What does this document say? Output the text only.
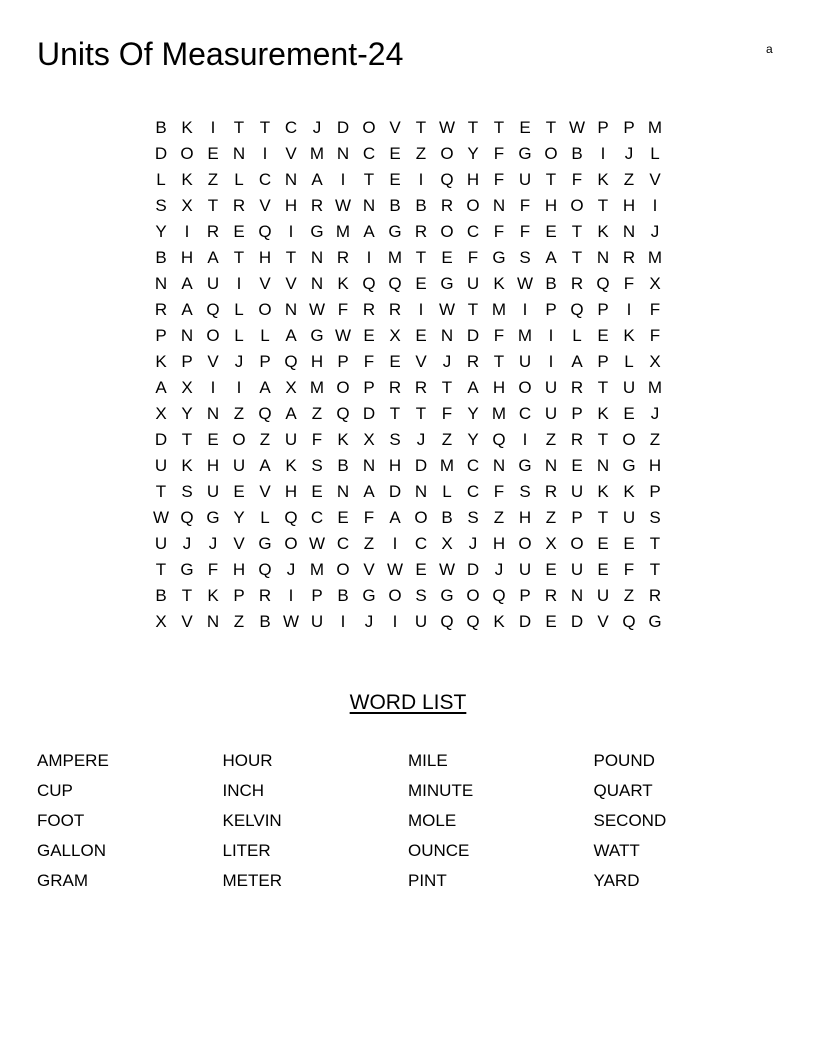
Units Of Measurement-24	a
B K	I	T T C J D O V T W T T E T W P P M
D O E N	I	V M N C E Z O Y F G O B	I	J	L
L K Z L C N A	I	T E	I	Q H F U T F K Z V
S X T R V H R W N B B R O N F H O T H	I
Y	I	R E Q	I	G M A G R O C F F E T K N J
B H A T H T N R	I M T E F G S A T N R M
N A U	I	V V N K Q Q E G U K W B R Q F X
R A Q L O N W F R R	I W T M I	P Q P	I	F
P N O L L A G W E X E N D F M I	L E K F
K P V J P Q H P F E V J R T U	I	A P L X
A X	I	I	A X M O P R R T A H O U R T U M
X Y N Z Q A Z Q D T T F Y M C U P K E J
D T E O Z U F K X S J Z Y Q	I	Z R T O Z
U K H U A K S B N H D M C N G N E N G H
T S U E V H E N A D N L C F S R U K K P
W Q G Y L Q C E F A O B S Z H Z P T U S
U J	J V G O W C Z	I	C X J H O X O E E T
T G F H Q J M O V W E W D J U E U E F T
B T K P R	I	P B G O S G O Q P R N U Z R
X V N Z B W U	I	J	I	U Q Q K D E D V Q G
WORD LIST
AMPERE
CUP
FOOT
GALLON
GRAM
HOUR
INCH
KELVIN
LITER
METER
MILE
MINUTE
MOLE
OUNCE
PINT
POUND
QUART
SECOND
WATT
YARD
